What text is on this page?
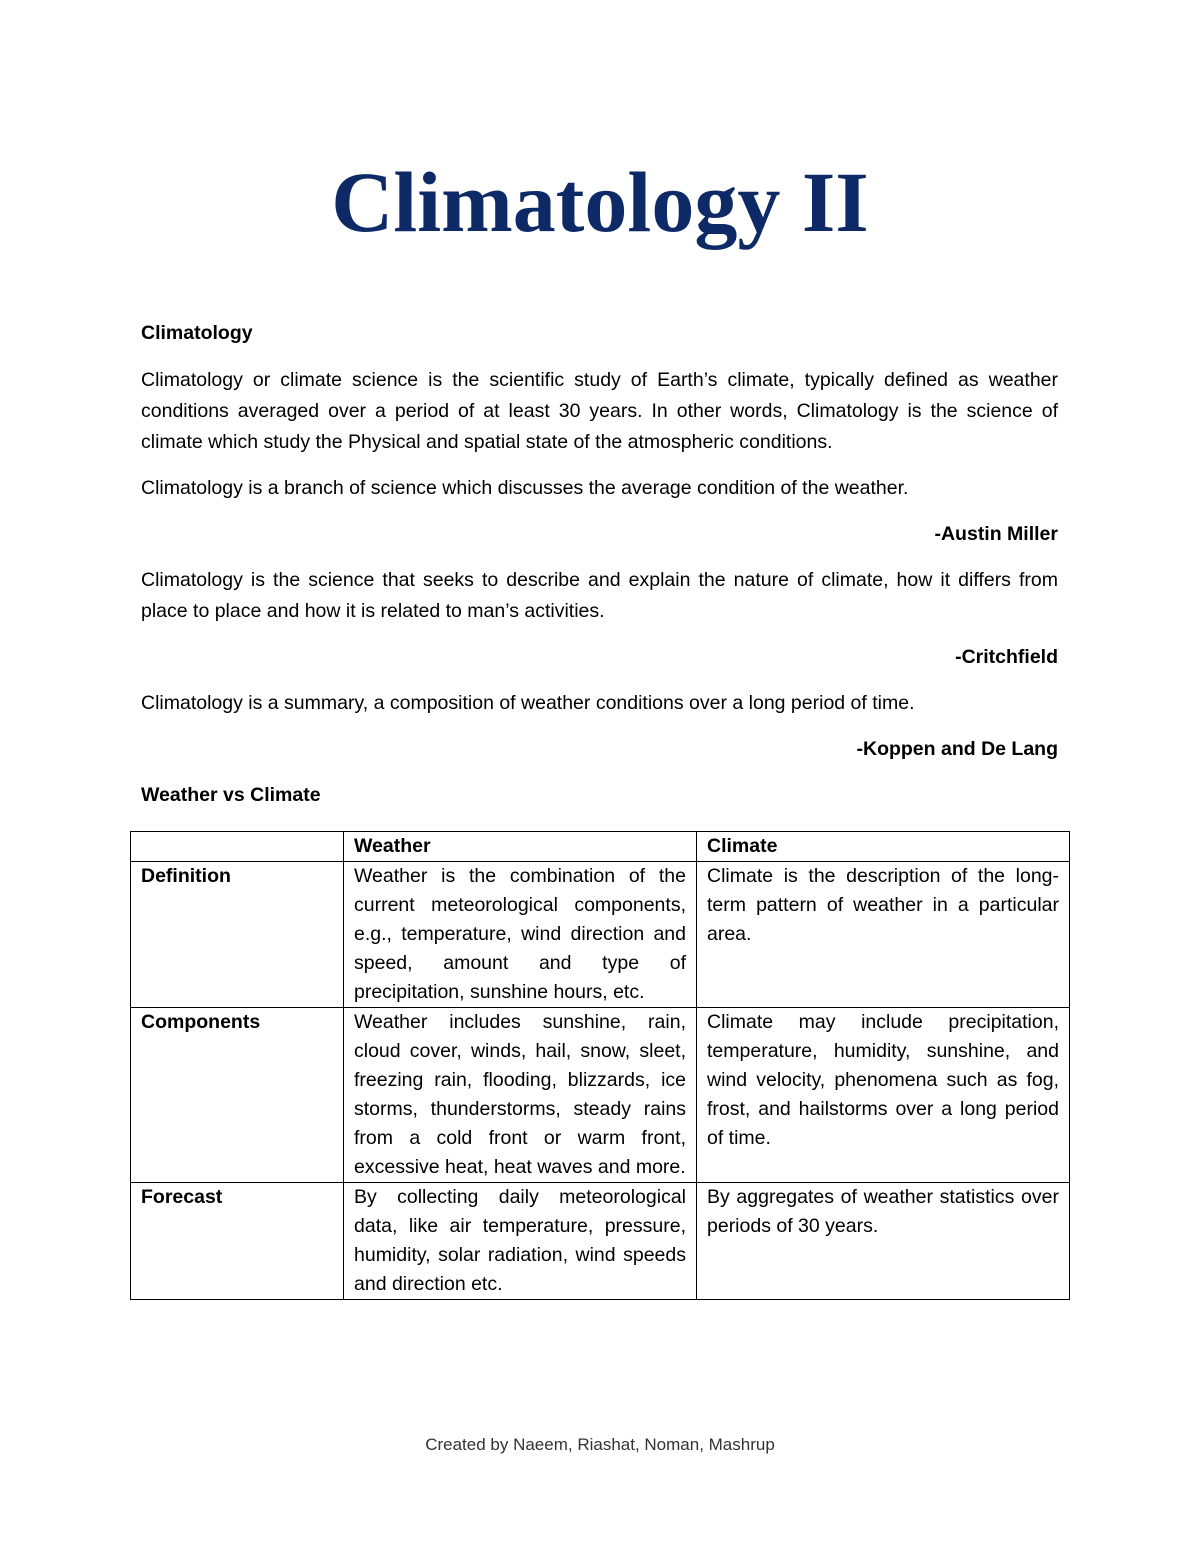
Climatology II

Climatology

Climatology or climate science is the scientific study of Earth’s climate, typically defined as weather conditions averaged over a period of at least 30 years. In other words, Climatology is the science of climate which study the Physical and spatial state of the atmospheric conditions.

Climatology is a branch of science which discusses the average condition of the weather.

-Austin Miller

Climatology is the science that seeks to describe and explain the nature of climate, how it differs from place to place and how it is related to man’s activities.

-Critchfield

Climatology is a summary, a composition of weather conditions over a long period of time.

-Koppen and De Lang

Weather vs Climate

	Weather	Climate
Definition	Weather is the combination of the current meteorological components, e.g., temperature, wind direction and speed, amount and type of precipitation, sunshine hours, etc.	Climate is the description of the long-term pattern of weather in a particular area.
Components	Weather includes sunshine, rain, cloud cover, winds, hail, snow, sleet, freezing rain, flooding, blizzards, ice storms, thunderstorms, steady rains from a cold front or warm front, excessive heat, heat waves and more.	Climate may include precipitation, temperature, humidity, sunshine, and wind velocity, phenomena such as fog, frost, and hailstorms over a long period of time.
Forecast	By collecting daily meteorological data, like air temperature, pressure, humidity, solar radiation, wind speeds and direction etc.	By aggregates of weather statistics over periods of 30 years.
Created by Naeem, Riashat, Noman, Mashrup
